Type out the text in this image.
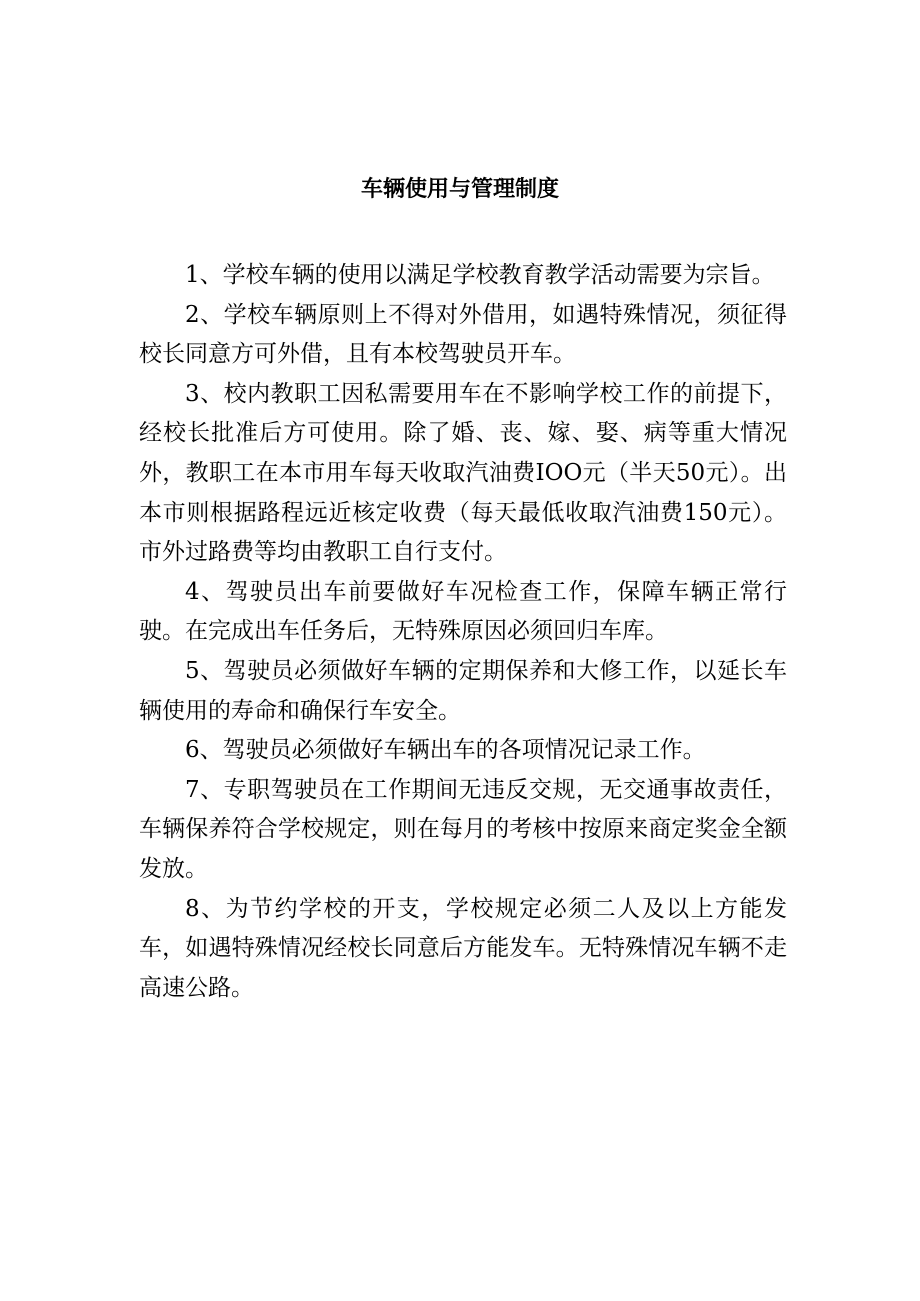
车辆使用与管理制度

1、学校车辆的使用以满足学校教育教学活动需要为宗旨。

2、学校车辆原则上不得对外借用，如遇特殊情况，须征得校长同意方可外借，且有本校驾驶员开车。

3、校内教职工因私需要用车在不影响学校工作的前提下，经校长批准后方可使用。除了婚、丧、嫁、娶、病等重大情况外，教职工在本市用车每天收取汽油费IOO元（半天50元）。出本市则根据路程远近核定收费（每天最低收取汽油费150元）。市外过路费等均由教职工自行支付。

4、驾驶员出车前要做好车况检查工作，保障车辆正常行驶。在完成出车任务后，无特殊原因必须回归车库。

5、驾驶员必须做好车辆的定期保养和大修工作，以延长车辆使用的寿命和确保行车安全。

6、驾驶员必须做好车辆出车的各项情况记录工作。

7、专职驾驶员在工作期间无违反交规，无交通事故责任，车辆保养符合学校规定，则在每月的考核中按原来商定奖金全额发放。

8、为节约学校的开支，学校规定必须二人及以上方能发车，如遇特殊情况经校长同意后方能发车。无特殊情况车辆不走高速公路。
